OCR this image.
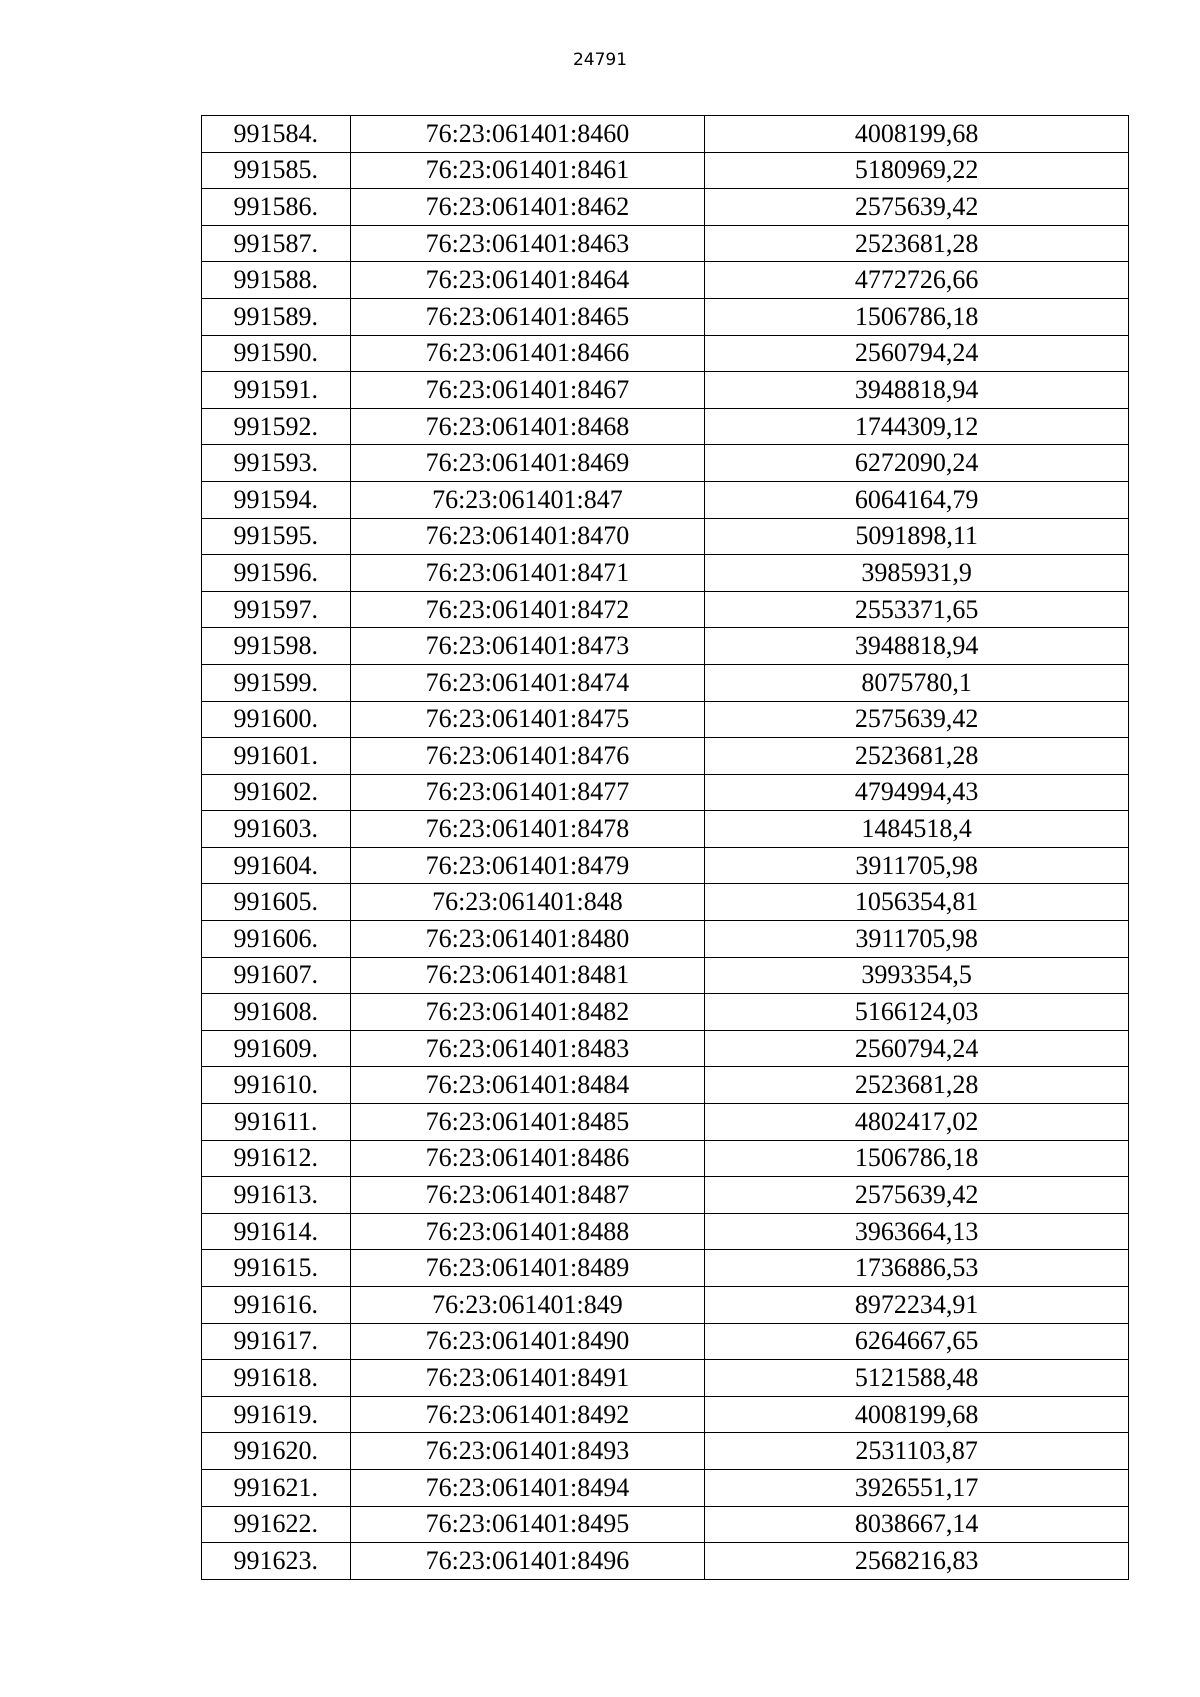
24791
991584.	76:23:061401:8460	4008199,68
991585.	76:23:061401:8461	5180969,22
991586.	76:23:061401:8462	2575639,42
991587.	76:23:061401:8463	2523681,28
991588.	76:23:061401:8464	4772726,66
991589.	76:23:061401:8465	1506786,18
991590.	76:23:061401:8466	2560794,24
991591.	76:23:061401:8467	3948818,94
991592.	76:23:061401:8468	1744309,12
991593.	76:23:061401:8469	6272090,24
991594.	76:23:061401:847	6064164,79
991595.	76:23:061401:8470	5091898,11
991596.	76:23:061401:8471	3985931,9
991597.	76:23:061401:8472	2553371,65
991598.	76:23:061401:8473	3948818,94
991599.	76:23:061401:8474	8075780,1
991600.	76:23:061401:8475	2575639,42
991601.	76:23:061401:8476	2523681,28
991602.	76:23:061401:8477	4794994,43
991603.	76:23:061401:8478	1484518,4
991604.	76:23:061401:8479	3911705,98
991605.	76:23:061401:848	1056354,81
991606.	76:23:061401:8480	3911705,98
991607.	76:23:061401:8481	3993354,5
991608.	76:23:061401:8482	5166124,03
991609.	76:23:061401:8483	2560794,24
991610.	76:23:061401:8484	2523681,28
991611.	76:23:061401:8485	4802417,02
991612.	76:23:061401:8486	1506786,18
991613.	76:23:061401:8487	2575639,42
991614.	76:23:061401:8488	3963664,13
991615.	76:23:061401:8489	1736886,53
991616.	76:23:061401:849	8972234,91
991617.	76:23:061401:8490	6264667,65
991618.	76:23:061401:8491	5121588,48
991619.	76:23:061401:8492	4008199,68
991620.	76:23:061401:8493	2531103,87
991621.	76:23:061401:8494	3926551,17
991622.	76:23:061401:8495	8038667,14
991623.	76:23:061401:8496	2568216,83
